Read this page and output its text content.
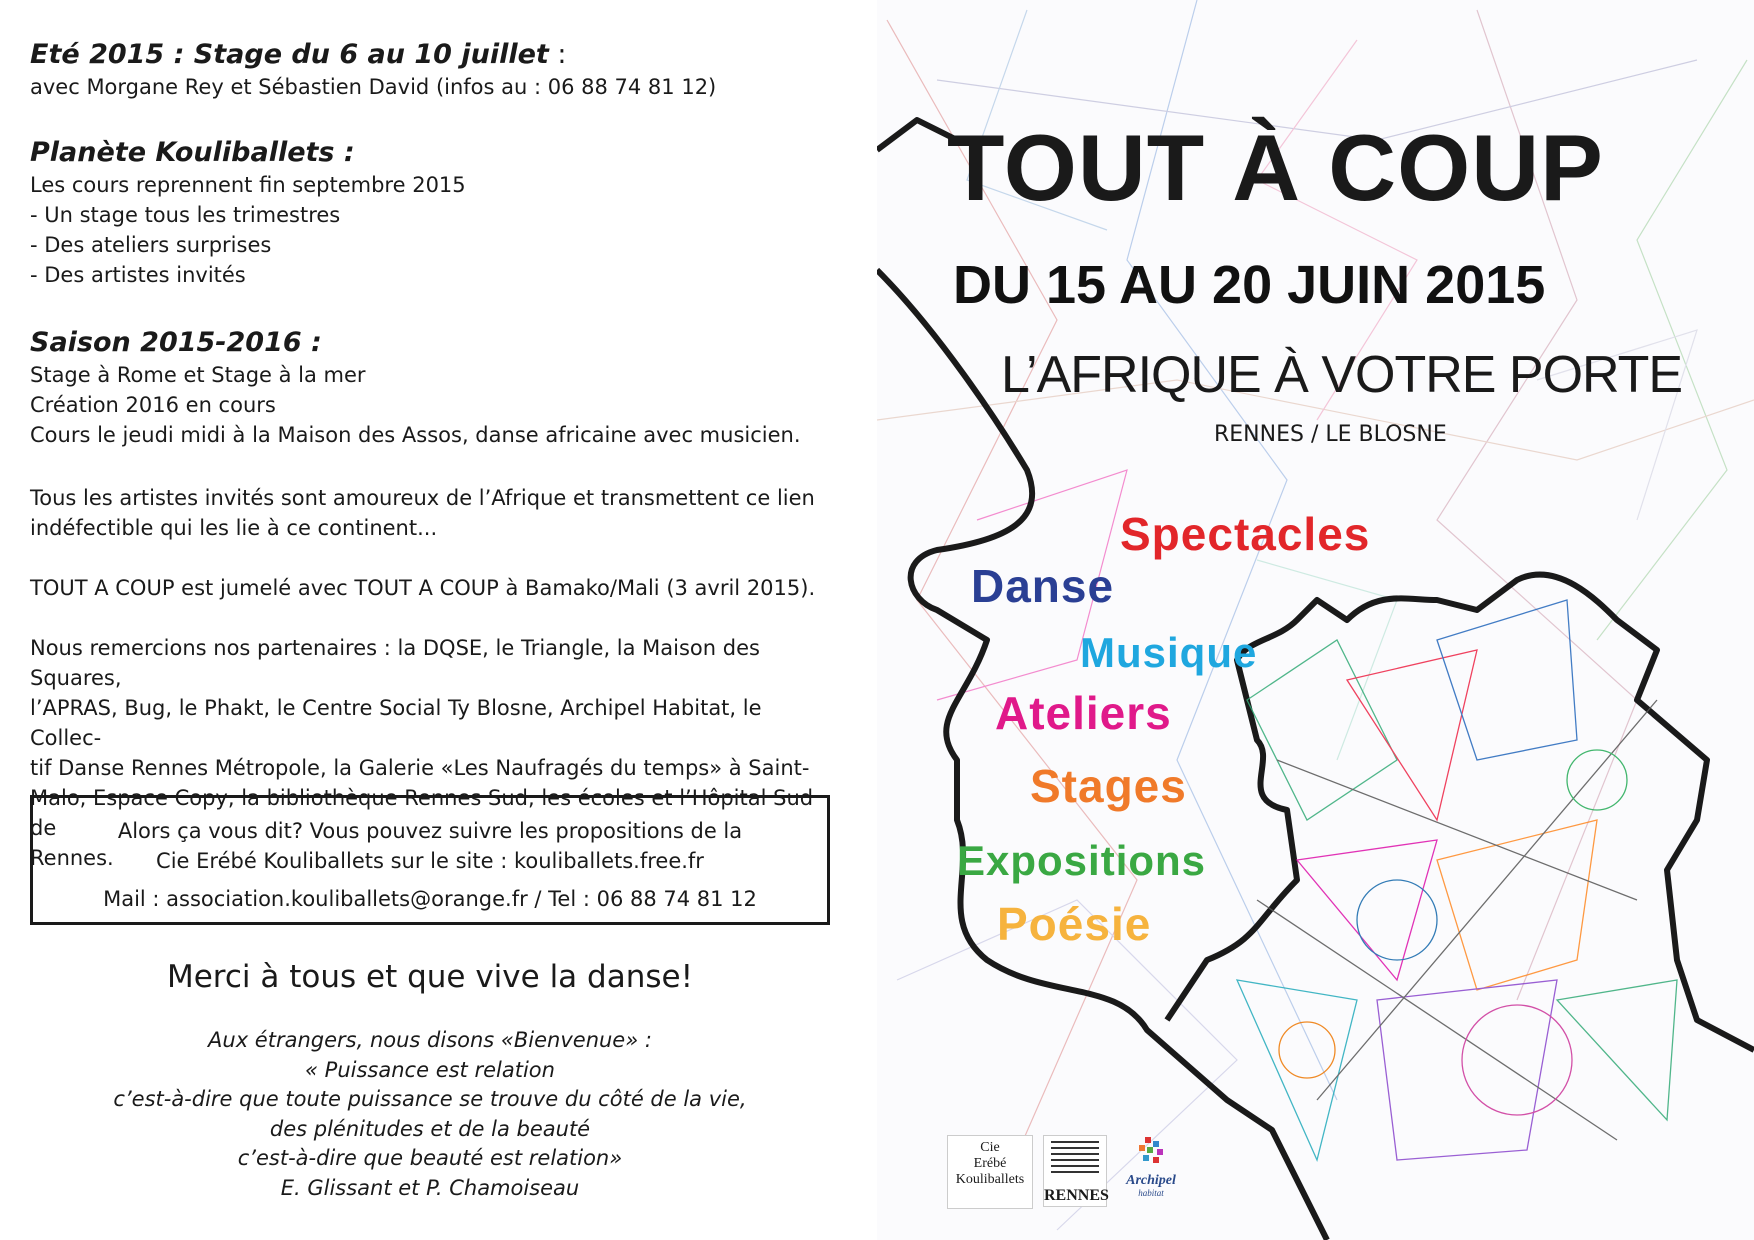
Eté 2015 : Stage du 6 au 10 juillet :
avec Morgane Rey et Sébastien David (infos au : 06 88 74 81 12)
Planète Kouliballets :
Les cours reprennent fin septembre 2015
- Un stage tous les trimestres
- Des ateliers surprises
- Des artistes invités
Saison 2015-2016 :
Stage à Rome et Stage à la mer
Création 2016 en cours
Cours le jeudi midi à la Maison des Assos, danse africaine avec musicien.
Tous les artistes invités sont amoureux de l’Afrique et transmettent ce lien
indéfectible qui les lie à ce continent...
TOUT A COUP est jumelé avec TOUT A COUP à Bamako/Mali (3 avril 2015).
Nous remercions nos partenaires : la DQSE, le Triangle, la Maison des Squares,
l’APRAS, Bug, le Phakt, le Centre Social Ty Blosne, Archipel Habitat, le Collec-
tif Danse Rennes Métropole, la Galerie «Les Naufragés du temps» à Saint-
Malo, Espace Copy, la bibliothèque Rennes Sud, les écoles et l’Hôpital Sud de
Rennes.
Alors ça vous dit? Vous pouvez suivre les propositions de la
Cie Erébé Kouliballets sur le site : kouliballets.free.fr
Mail : association.kouliballets@orange.fr / Tel : 06 88 74 81 12
Merci à tous et que vive la danse!
Aux étrangers, nous disons «Bienvenue» :
« Puissance est relation
c’est-à-dire que toute puissance se trouve du côté de la vie,
des plénitudes et de la beauté
c’est-à-dire que beauté est relation»
E. Glissant et P. Chamoiseau
TOUT À COUP
DU 15 AU 20 JUIN 2015
L’AFRIQUE À VOTRE PORTE
RENNES / LE BLOSNE
Spectacles
Danse
Musique
Ateliers
Stages
Expositions
Poésie
Cie
Erébé
Kouliballets
RENNES
Archipel
habitat
